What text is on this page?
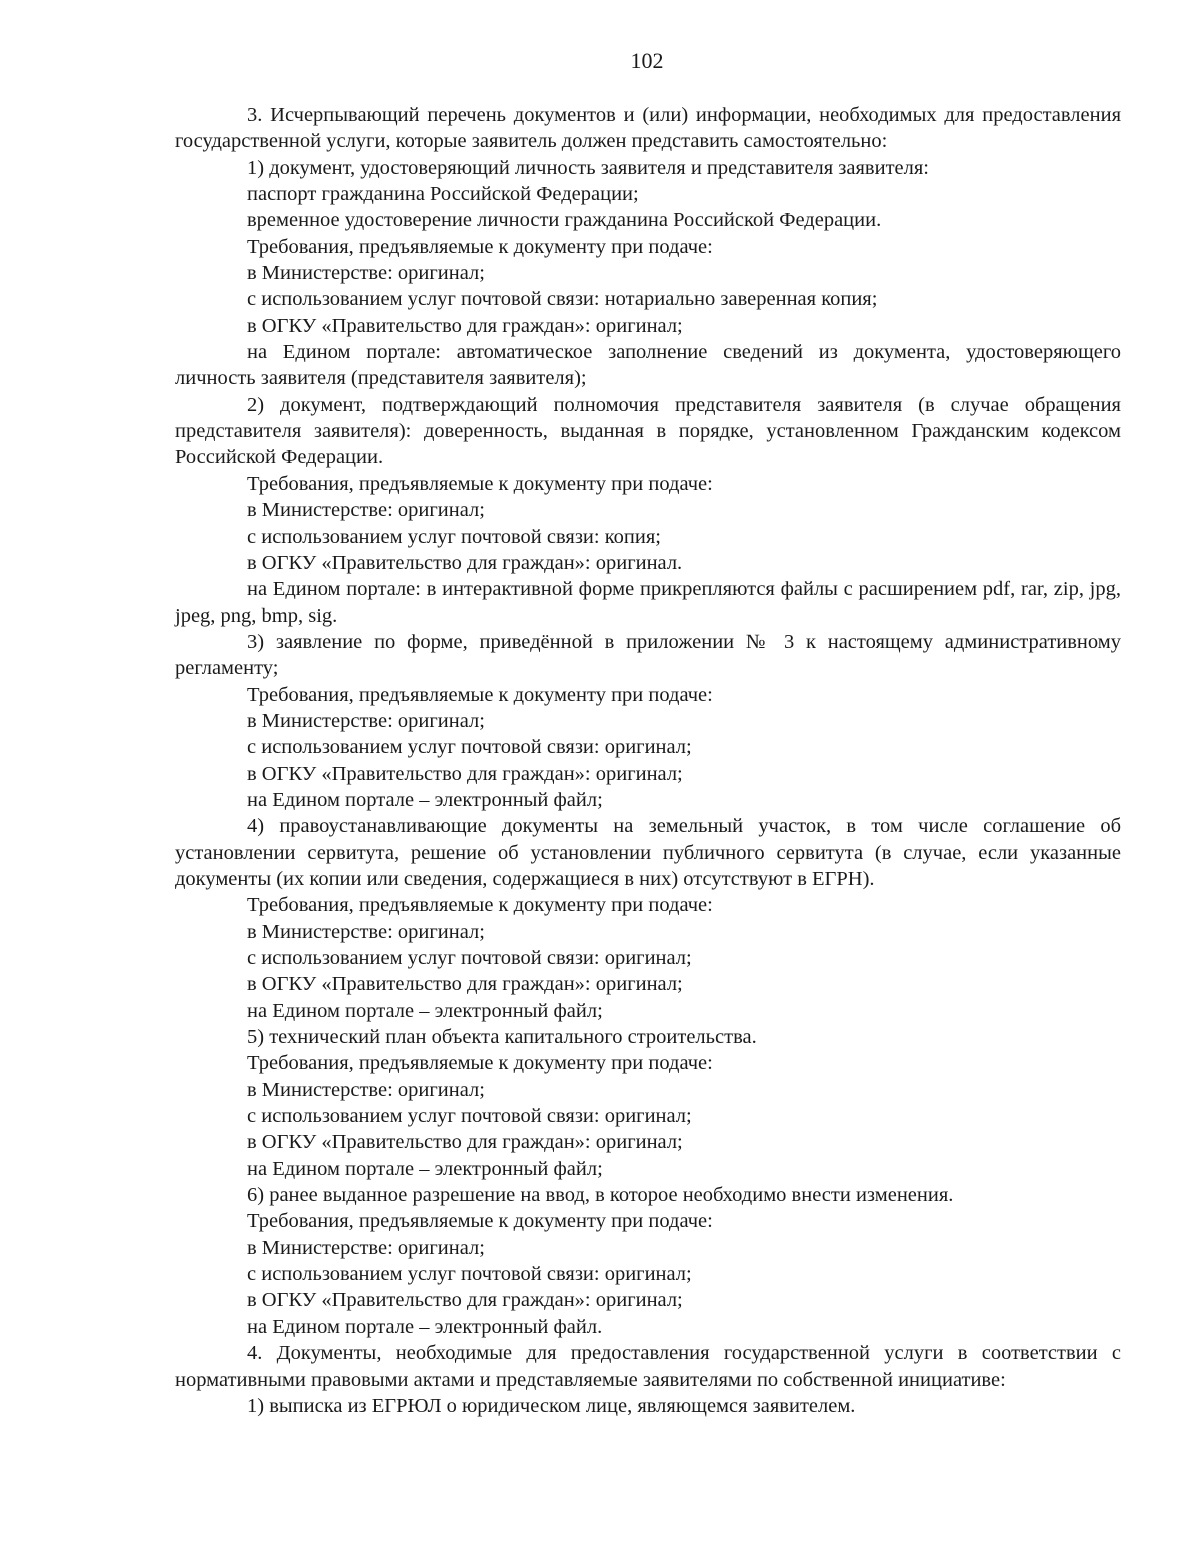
102

3. Исчерпывающий перечень документов и (или) информации, необходимых для предоставления государственной услуги, которые заявитель должен представить самостоятельно:

1) документ, удостоверяющий личность заявителя и представителя заявителя:

паспорт гражданина Российской Федерации;

временное удостоверение личности гражданина Российской Федерации.

Требования, предъявляемые к документу при подаче:

в Министерстве: оригинал;

с использованием услуг почтовой связи: нотариально заверенная копия;

в ОГКУ «Правительство для граждан»: оригинал;

на Едином портале: автоматическое заполнение сведений из документа, удостоверяющего личность заявителя (представителя заявителя);

2) документ, подтверждающий полномочия представителя заявителя (в случае обращения представителя заявителя): доверенность, выданная в порядке, установленном Гражданским кодексом Российской Федерации.

Требования, предъявляемые к документу при подаче:

в Министерстве: оригинал;

с использованием услуг почтовой связи: копия;

в ОГКУ «Правительство для граждан»: оригинал.

на Едином портале: в интерактивной форме прикрепляются файлы с расширением pdf, rar, zip, jpg, jpeg, png, bmp, sig.

3) заявление по форме, приведённой в приложении № 3 к настоящему административному регламенту;

Требования, предъявляемые к документу при подаче:

в Министерстве: оригинал;

с использованием услуг почтовой связи: оригинал;

в ОГКУ «Правительство для граждан»: оригинал;

на Едином портале – электронный файл;

4) правоустанавливающие документы на земельный участок, в том числе соглашение об установлении сервитута, решение об установлении публичного сервитута (в случае, если указанные документы (их копии или сведения, содержащиеся в них) отсутствуют в ЕГРН).

Требования, предъявляемые к документу при подаче:

в Министерстве: оригинал;

с использованием услуг почтовой связи: оригинал;

в ОГКУ «Правительство для граждан»: оригинал;

на Едином портале – электронный файл;

5) технический план объекта капитального строительства.

Требования, предъявляемые к документу при подаче:

в Министерстве: оригинал;

с использованием услуг почтовой связи: оригинал;

в ОГКУ «Правительство для граждан»: оригинал;

на Едином портале – электронный файл;

6) ранее выданное разрешение на ввод, в которое необходимо внести изменения.

Требования, предъявляемые к документу при подаче:

в Министерстве: оригинал;

с использованием услуг почтовой связи: оригинал;

в ОГКУ «Правительство для граждан»: оригинал;

на Едином портале – электронный файл.

4. Документы, необходимые для предоставления государственной услуги в соответствии с нормативными правовыми актами и представляемые заявителями по собственной инициативе:

1) выписка из ЕГРЮЛ о юридическом лице, являющемся заявителем.
